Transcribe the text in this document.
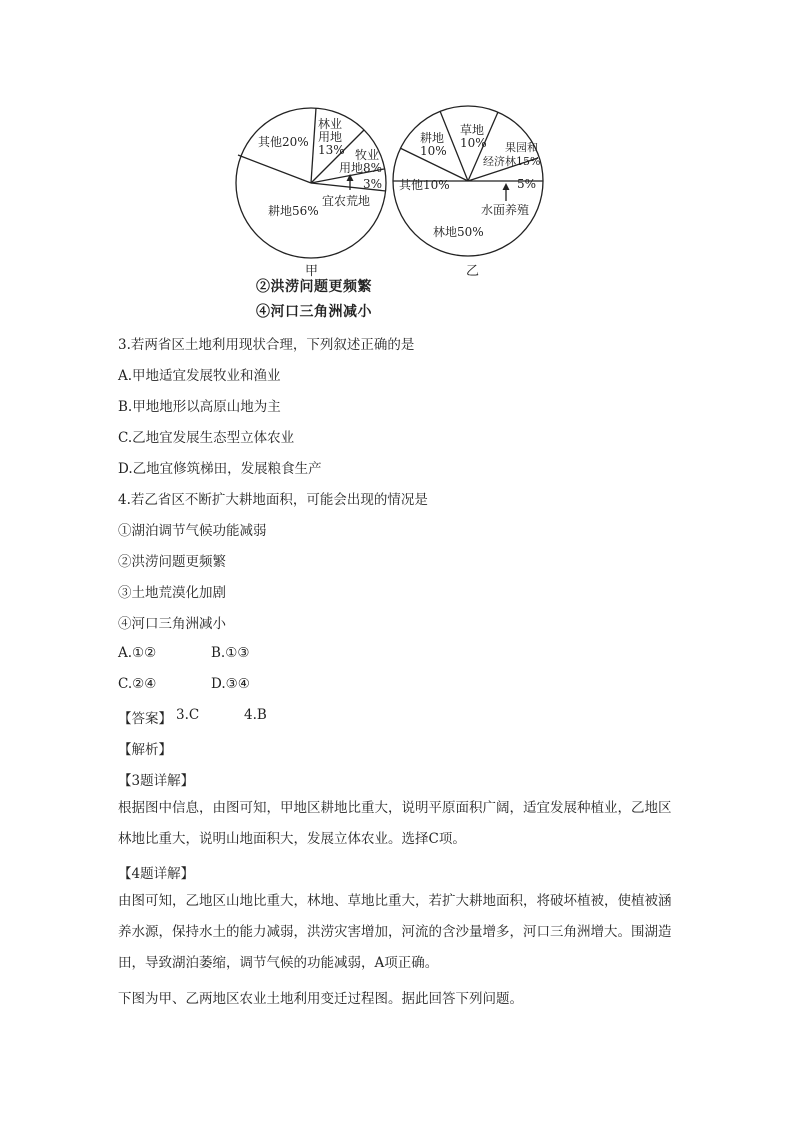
其他20%
林业
用地
13% 牧业
用地8%
3%
宜农荒地
耕地56%
甲
耕地
10%
草地
10% 果园和
经济林15%
其他10%	5%
水面养殖
林地50%
乙
②洪涝问题更频繁
④河口三角洲减小
3.若两省区土地利用现状合理，下列叙述正确的是
A.甲地适宜发展牧业和渔业
B.甲地地形以高原山地为主
C.乙地宜发展生态型立体农业
D.乙地宜修筑梯田，发展粮食生产
4.若乙省区不断扩大耕地面积，可能会出现的情况是
①湖泊调节气候功能减弱
②洪涝问题更频繁
③土地荒漠化加剧
④河口三角洲减小
A.①②	B.①③
C.②④	D.③④
【答案】 3.C	4.B
【解析】
【3题详解】
根据图中信息，由图可知，甲地区耕地比重大，说明平原面积广阔，适宜发展种植业，乙地区林地比重大，说明山地面积大，发展立体农业。选择C项。
【4题详解】
由图可知，乙地区山地比重大，林地、草地比重大，若扩大耕地面积，将破坏植被，使植被涵养水源，保持水土的能力减弱，洪涝灾害增加，河流的含沙量增多，河口三角洲增大。围湖造田，导致湖泊萎缩，调节气候的功能减弱，A项正确。
下图为甲、乙两地区农业土地利用变迁过程图。据此回答下列问题。
